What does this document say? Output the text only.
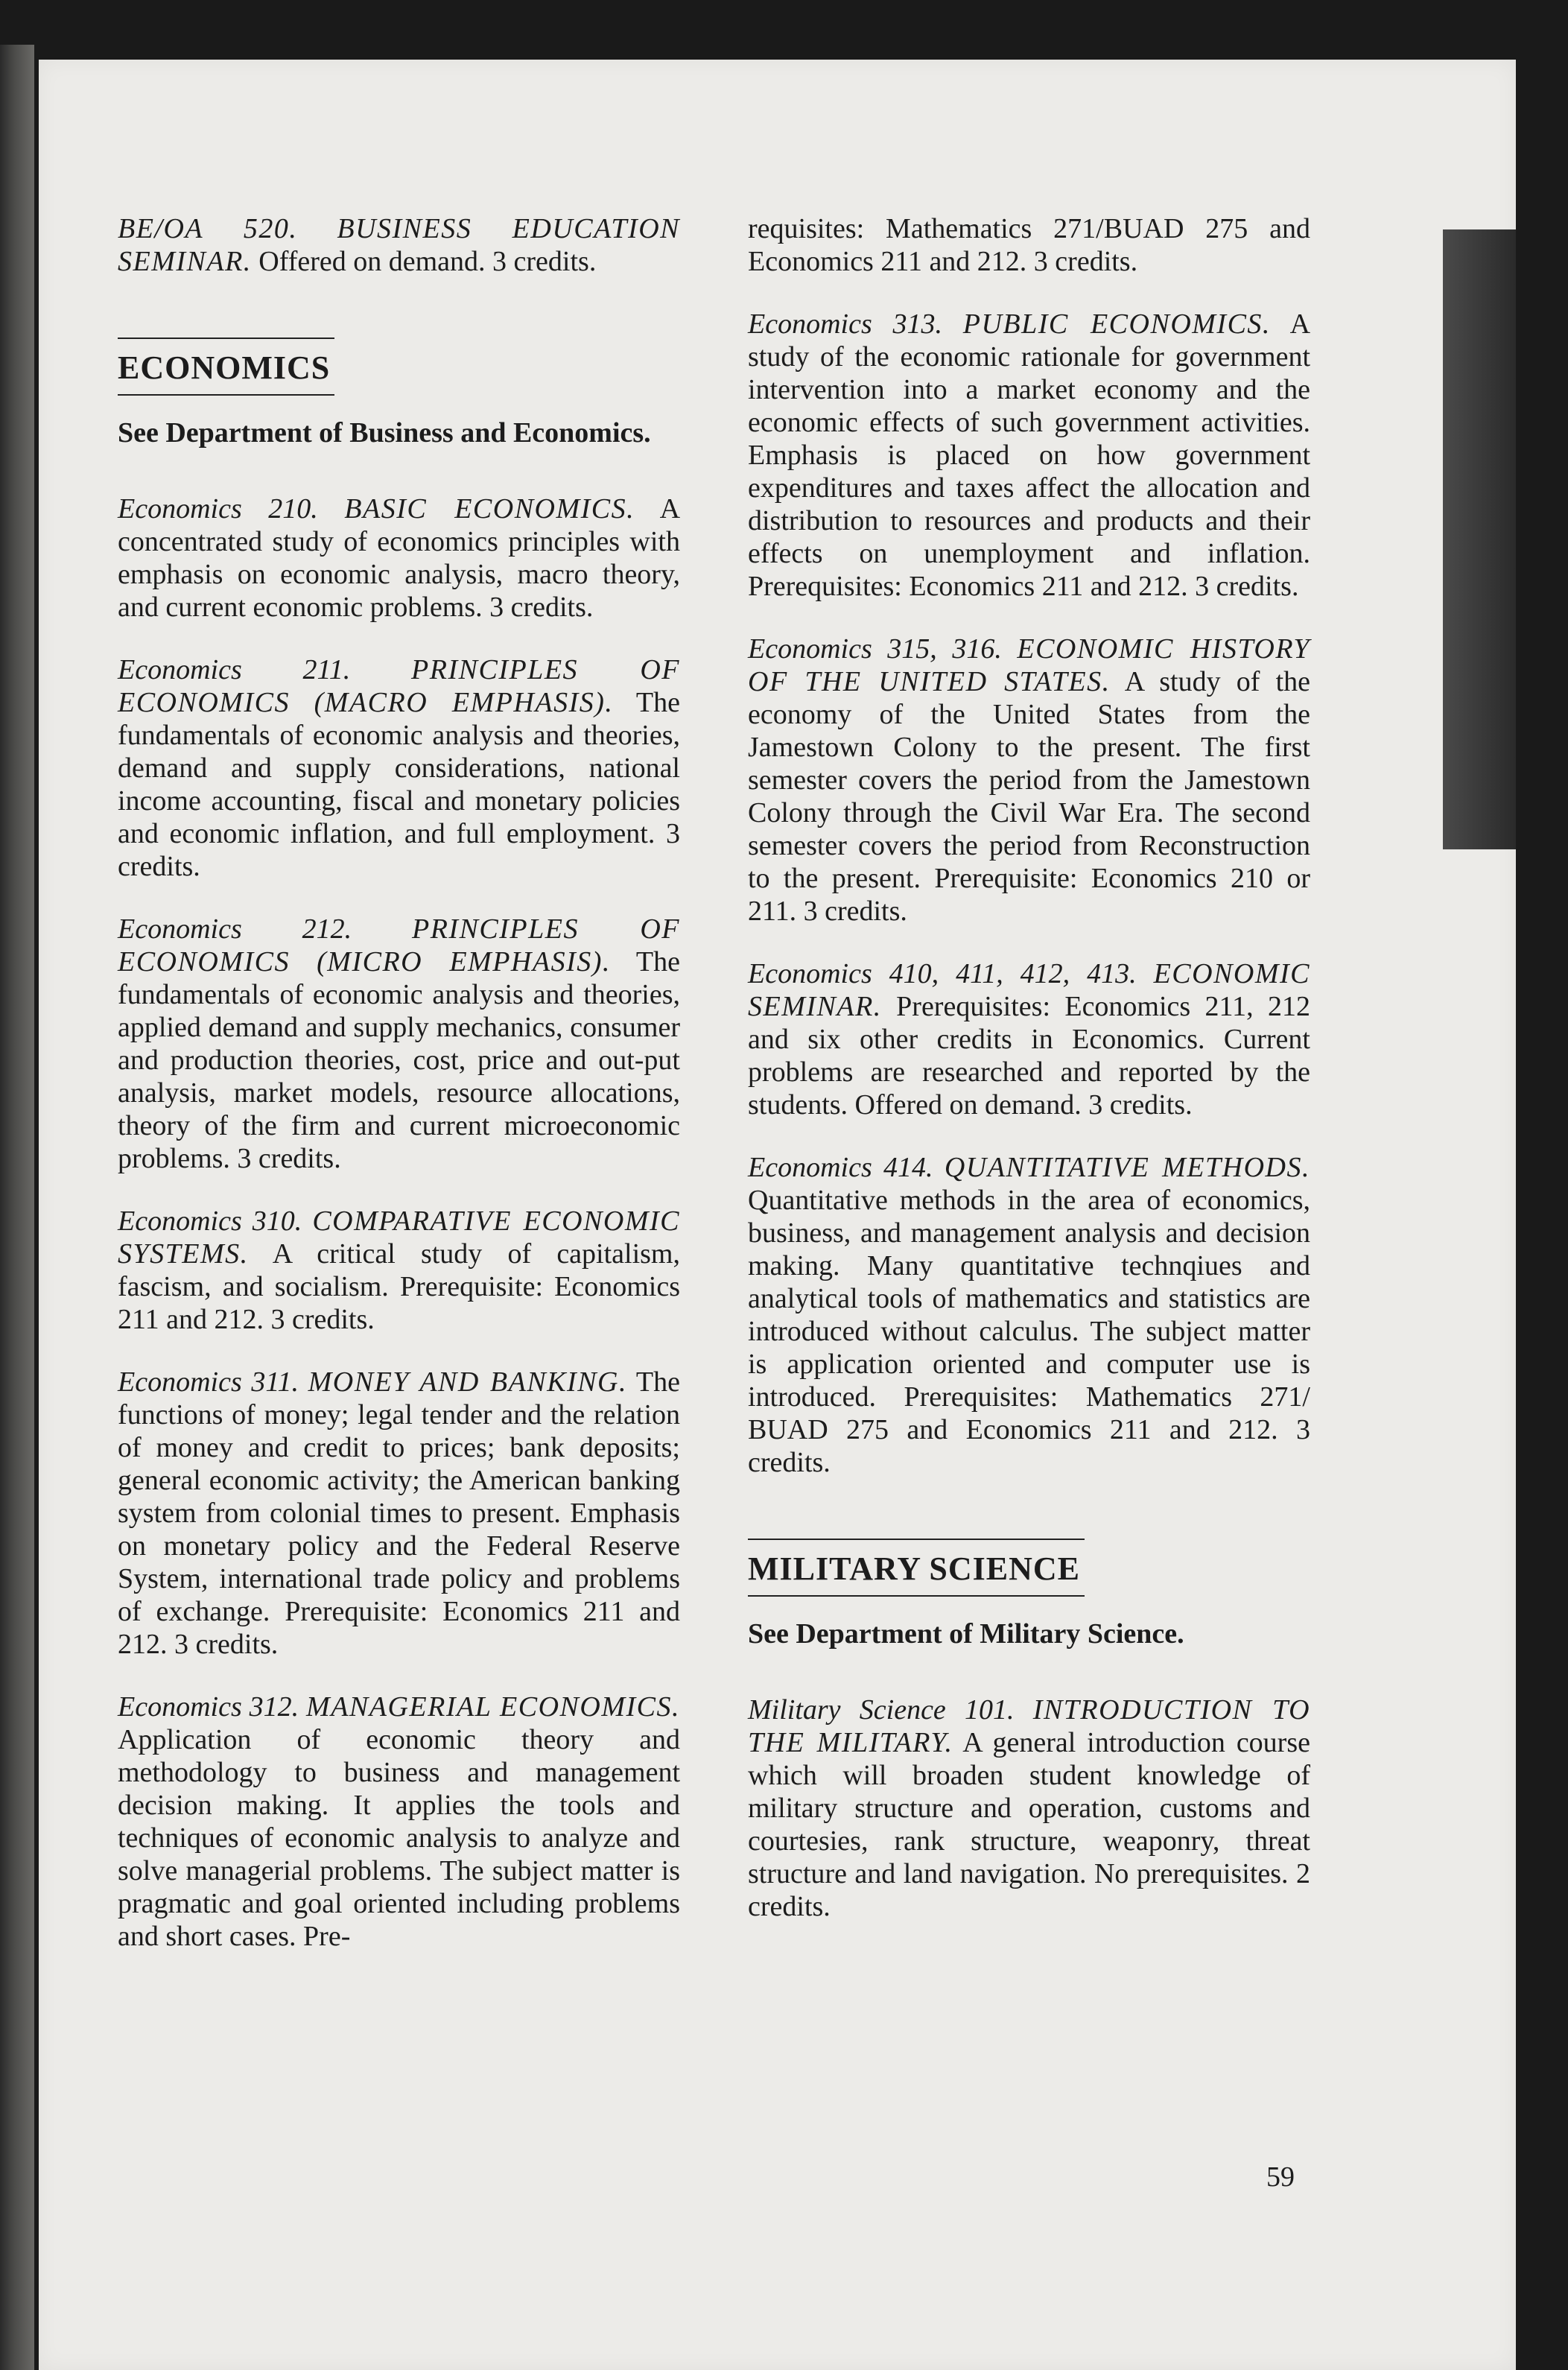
BE/OA 520. BUSINESS EDUCATION SEMINAR. Offered on demand. 3 credits.

ECONOMICS
See Department of Business and Economics.

Economics 210. BASIC ECONOMICS. A concentrated study of economics principles with emphasis on economic analysis, macro theory, and current economic problems. 3 credits.

Economics 211. PRINCIPLES OF ECONOMICS (MACRO EMPHASIS). The fundamentals of economic analysis and theories, demand and supply considerations, national income accounting, fiscal and monetary policies and economic inflation, and full employment. 3 credits.

Economics 212. PRINCIPLES OF ECONOMICS (MICRO EMPHASIS). The fundamentals of economic analysis and theories, applied demand and supply mechanics, consumer and production theories, cost, price and out-put analysis, market models, resource allocations, theory of the firm and current microeconomic problems. 3 credits.

Economics 310. COMPARATIVE ECONOMIC SYSTEMS. A critical study of capitalism, fascism, and socialism. Prerequisite: Economics 211 and 212. 3 credits.

Economics 311. MONEY AND BANKING. The functions of money; legal tender and the relation of money and credit to prices; bank deposits; general economic activity; the American banking system from colonial times to present. Emphasis on monetary policy and the Federal Reserve System, international trade policy and problems of exchange. Prerequisite: Economics 211 and 212. 3 credits.

Economics 312. MANAGERIAL ECONOMICS. Application of economic theory and methodology to business and management decision making. It applies the tools and techniques of economic analysis to analyze and solve managerial problems. The subject matter is pragmatic and goal oriented including problems and short cases. Pre-

requisites: Mathematics 271/BUAD 275 and Economics 211 and 212. 3 credits.

Economics 313. PUBLIC ECONOMICS. A study of the economic rationale for government intervention into a market economy and the economic effects of such government activities. Emphasis is placed on how government expenditures and taxes affect the allocation and distribution to resources and products and their effects on unemployment and inflation. Prerequisites: Economics 211 and 212. 3 credits.

Economics 315, 316. ECONOMIC HISTORY OF THE UNITED STATES. A study of the economy of the United States from the Jamestown Colony to the present. The first semester covers the period from the Jamestown Colony through the Civil War Era. The second semester covers the period from Reconstruction to the present. Prerequisite: Economics 210 or 211. 3 credits.

Economics 410, 411, 412, 413. ECONOMIC SEMINAR. Prerequisites: Economics 211, 212 and six other credits in Economics. Current problems are researched and reported by the students. Offered on demand. 3 credits.

Economics 414. QUANTITATIVE METHODS. Quantitative methods in the area of economics, business, and management analysis and decision making. Many quantitative technqiues and analytical tools of mathematics and statistics are introduced without calculus. The subject matter is application oriented and computer use is introduced. Prerequisites: Mathematics 271/ BUAD 275 and Economics 211 and 212. 3 credits.

MILITARY SCIENCE
See Department of Military Science.

Military Science 101. INTRODUCTION TO THE MILITARY. A general introduction course which will broaden student knowledge of military structure and operation, customs and courtesies, rank structure, weaponry, threat structure and land navigation. No prerequisites. 2 credits.

59
